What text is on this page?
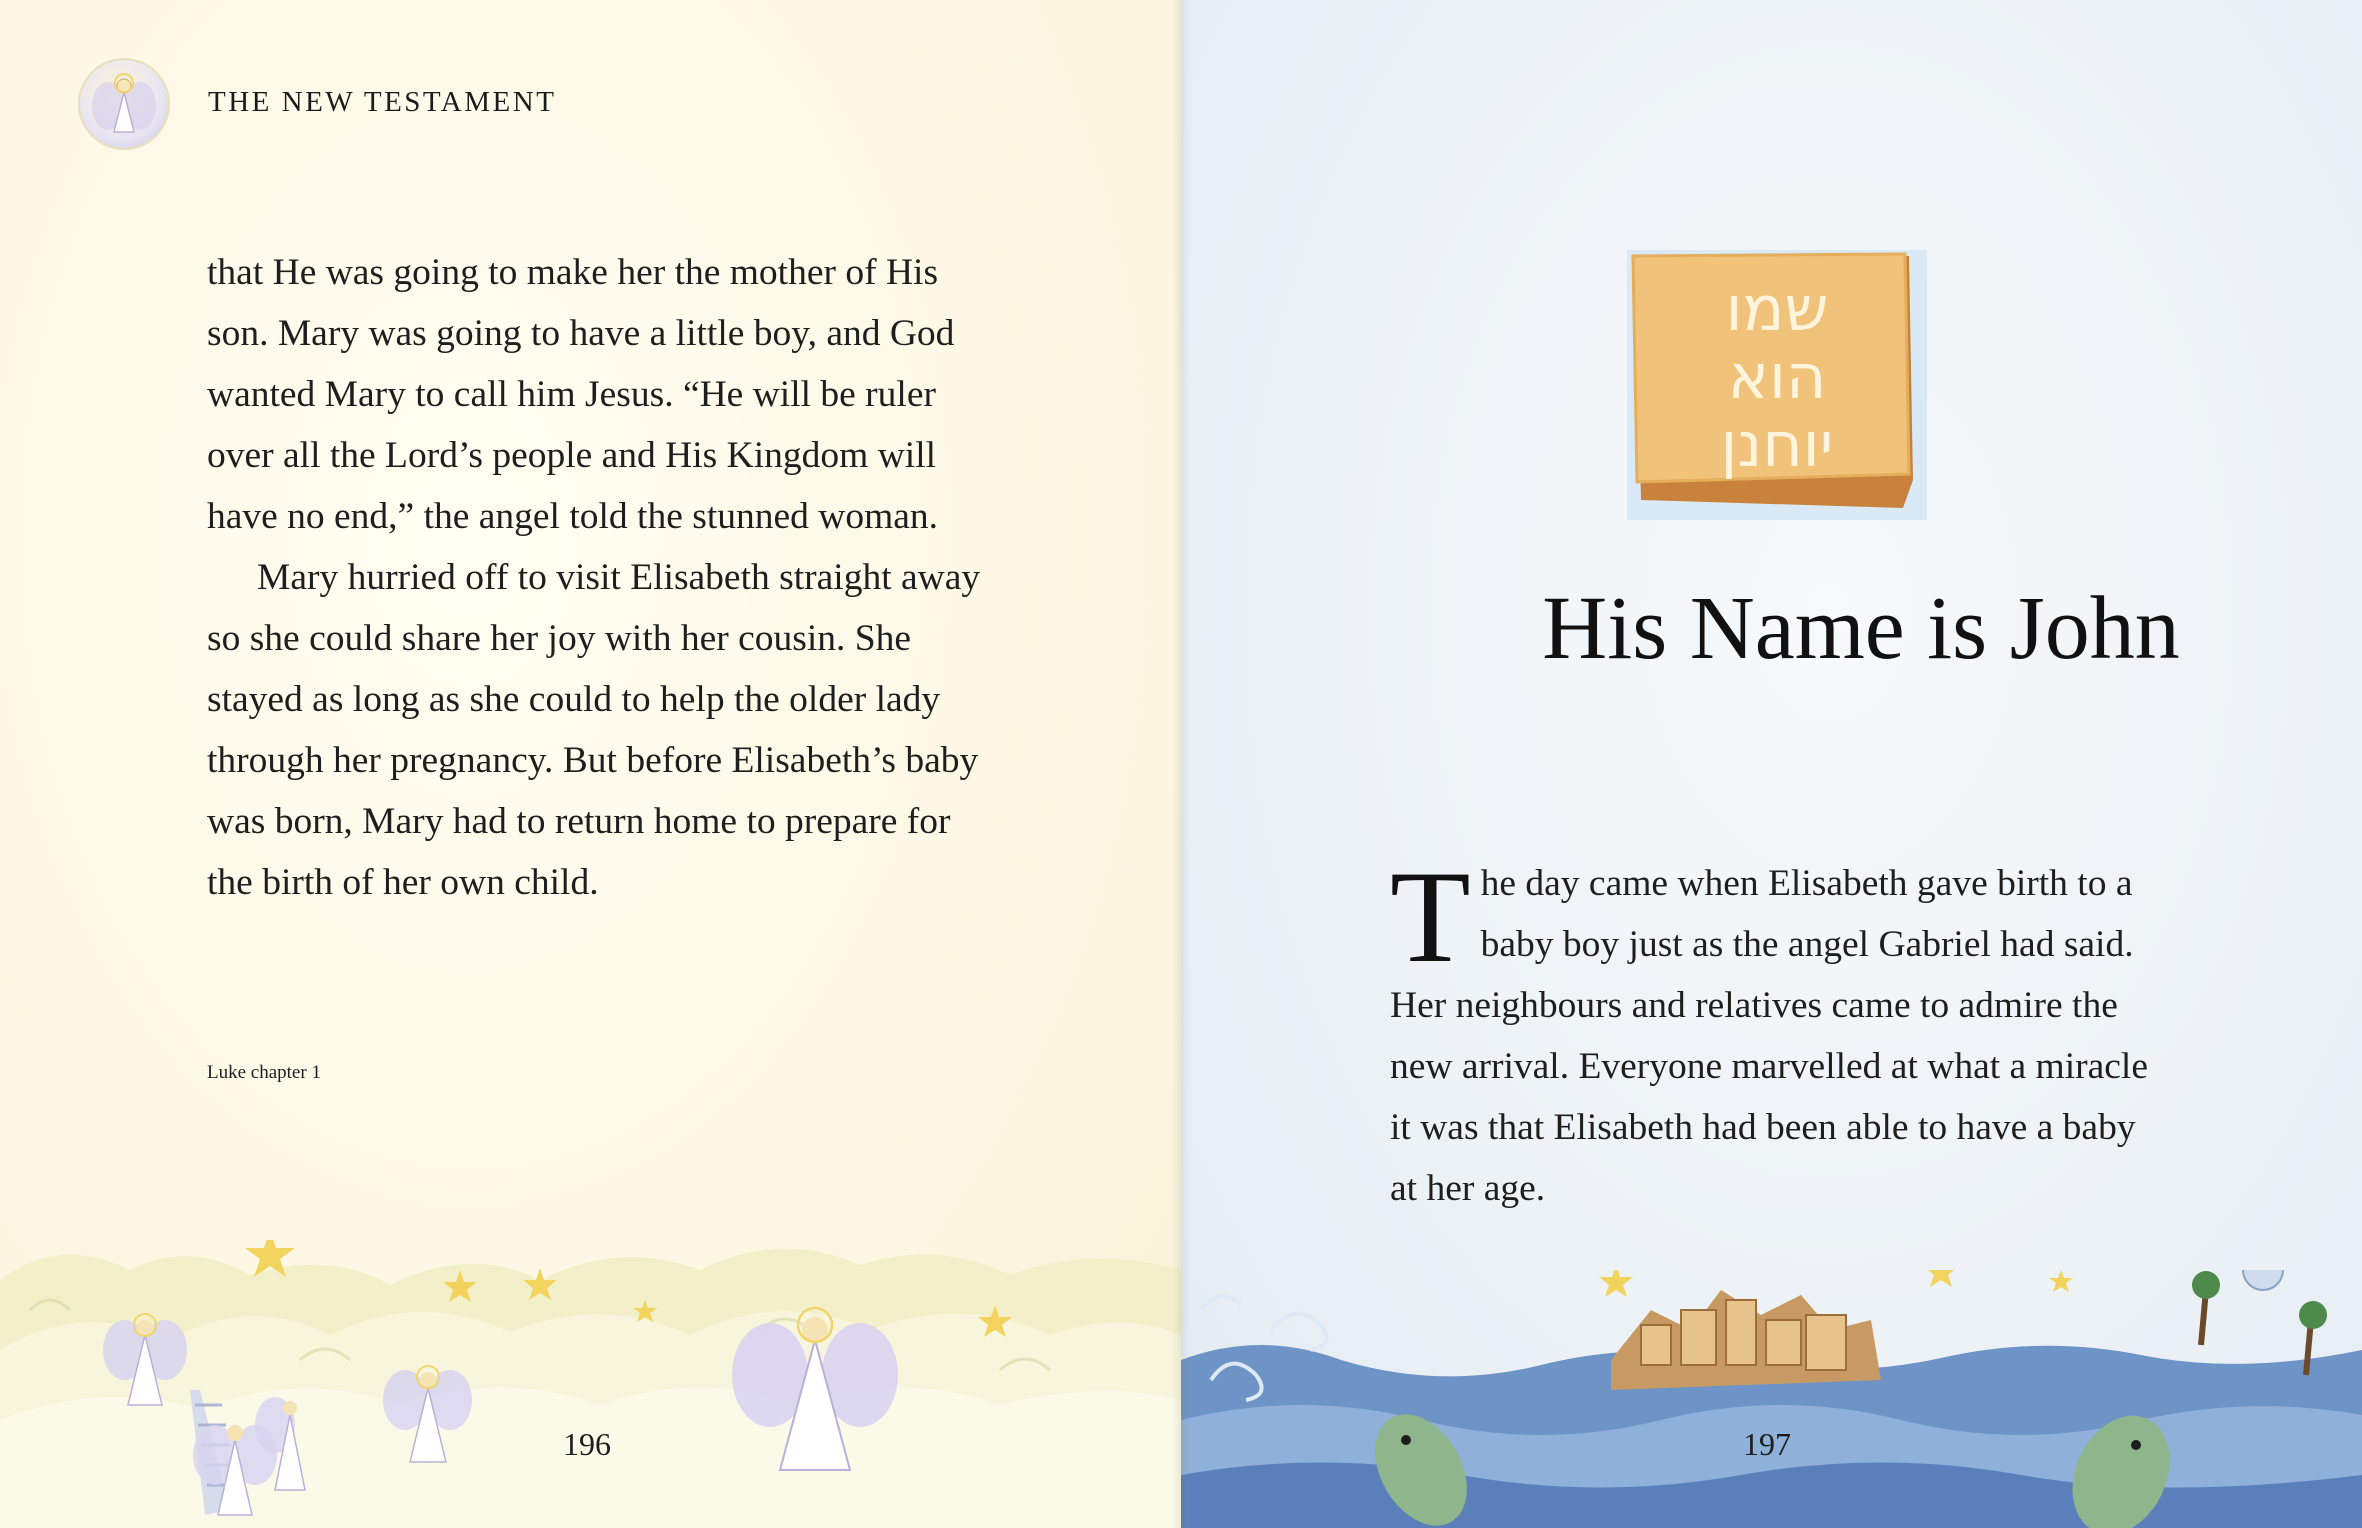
THE NEW TESTAMENT

that He was going to make her the mother of His son. Mary was going to have a little boy, and God wanted Mary to call him Jesus. “He will be ruler over all the Lord’s people and His Kingdom will have no end,” the angel told the stunned woman.

Mary hurried off to visit Elisabeth straight away so she could share her joy with her cousin. She stayed as long as she could to help the older lady through her pregnancy. But before Elisabeth’s baby was born, Mary had to return home to prepare for the birth of her own child.

Luke chapter 1
196
שמו
הוא
יוחנן
His Name is John
T he day came when Elisabeth gave birth to a baby boy just as the angel Gabriel had said. Her neighbours and relatives came to admire the new arrival. Everyone marvelled at what a miracle it was that Elisabeth had been able to have a baby at her age.

197
